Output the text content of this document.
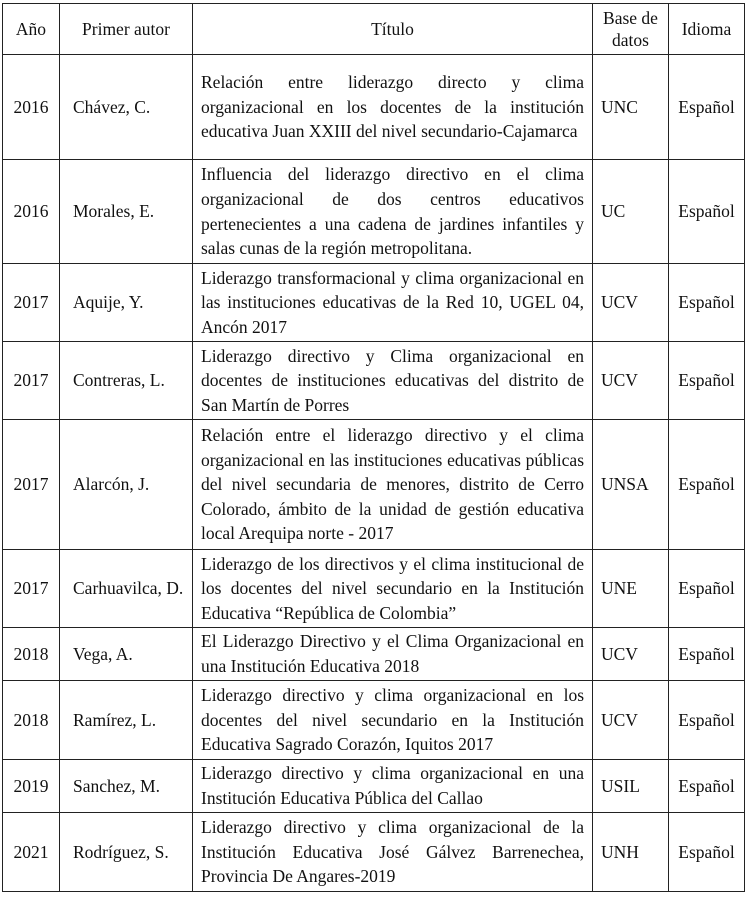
Año	Primer autor	Título	Base de datos	Idioma
2016	Chávez, C.	Relación entre liderazgo directo y clima organizacional en los docentes de la institución educativa Juan XXIII del nivel secundario-Cajamarca	UNC	Español
2016	Morales, E.	Influencia del liderazgo directivo en el clima organizacional de dos centros educativos pertenecientes a una cadena de jardines infantiles y salas cunas de la región metropolitana.	UC	Español
2017	Aquije, Y.	Liderazgo transformacional y clima organizacional en las instituciones educativas de la Red 10, UGEL 04, Ancón 2017	UCV	Español
2017	Contreras, L.	Liderazgo directivo y Clima organizacional en docentes de instituciones educativas del distrito de San Martín de Porres	UCV	Español
2017	Alarcón, J.	Relación entre el liderazgo directivo y el clima organizacional en las instituciones educativas públicas del nivel secundaria de menores, distrito de Cerro Colorado, ámbito de la unidad de gestión educativa local Arequipa norte - 2017	UNSA	Español
2017	Carhuavilca, D.	Liderazgo de los directivos y el clima institucional de los docentes del nivel secundario en la Institución Educativa “República de Colombia”	UNE	Español
2018	Vega, A.	El Liderazgo Directivo y el Clima Organizacional en una Institución Educativa 2018	UCV	Español
2018	Ramírez, L.	Liderazgo directivo y clima organizacional en los docentes del nivel secundario en la Institución Educativa Sagrado Corazón, Iquitos 2017	UCV	Español
2019	Sanchez, M.	Liderazgo directivo y clima organizacional en una Institución Educativa Pública del Callao	USIL	Español
2021	Rodríguez, S.	Liderazgo directivo y clima organizacional de la Institución Educativa José Gálvez Barrenechea, Provincia De Angares-2019	UNH	Español
